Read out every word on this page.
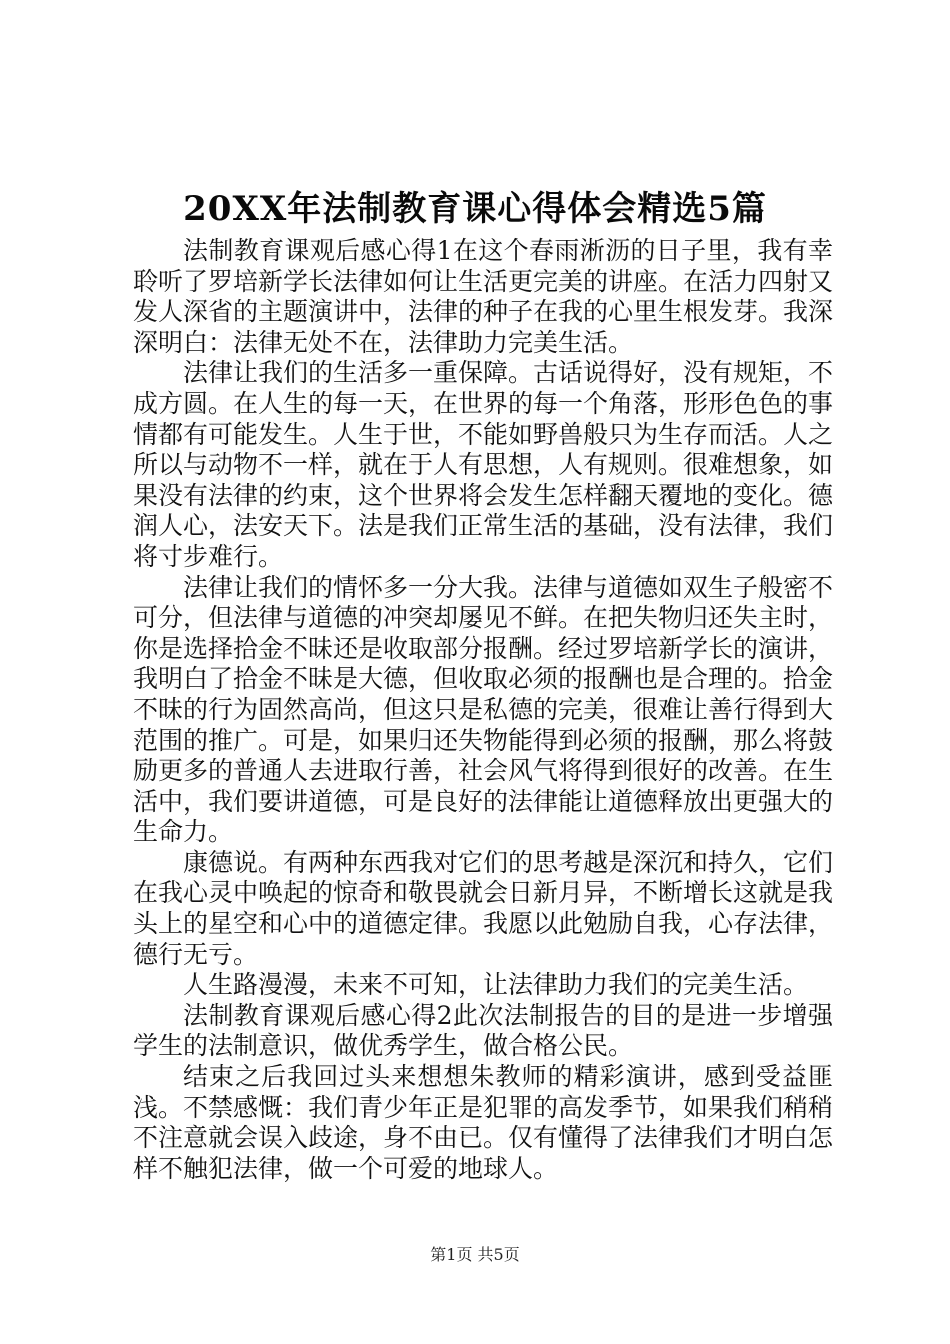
20XX年法制教育课心得体会精选5篇

法制教育课观后感心得1在这个春雨淅沥的日子里，我有幸聆听了罗培新学长法律如何让生活更完美的讲座。在活力四射又发人深省的主题演讲中，法律的种子在我的心里生根发芽。我深深明白：法律无处不在，法律助力完美生活。

法律让我们的生活多一重保障。古话说得好，没有规矩，不成方圆。在人生的每一天，在世界的每一个角落，形形色色的事情都有可能发生。人生于世，不能如野兽般只为生存而活。人之所以与动物不一样，就在于人有思想，人有规则。很难想象，如果没有法律的约束，这个世界将会发生怎样翻天覆地的变化。德润人心，法安天下。法是我们正常生活的基础，没有法律，我们将寸步难行。

法律让我们的情怀多一分大我。法律与道德如双生子般密不可分，但法律与道德的冲突却屡见不鲜。在把失物归还失主时，你是选择拾金不昧还是收取部分报酬。经过罗培新学长的演讲，我明白了拾金不昧是大德，但收取必须的报酬也是合理的。拾金不昧的行为固然高尚，但这只是私德的完美，很难让善行得到大范围的推广。可是，如果归还失物能得到必须的报酬，那么将鼓励更多的普通人去进取行善，社会风气将得到很好的改善。在生活中，我们要讲道德，可是良好的法律能让道德释放出更强大的生命力。

康德说。有两种东西我对它们的思考越是深沉和持久，它们在我心灵中唤起的惊奇和敬畏就会日新月异，不断增长这就是我头上的星空和心中的道德定律。我愿以此勉励自我，心存法律，德行无亏。

人生路漫漫，未来不可知，让法律助力我们的完美生活。

法制教育课观后感心得2此次法制报告的目的是进一步增强学生的法制意识，做优秀学生，做合格公民。

结束之后我回过头来想想朱教师的精彩演讲，感到受益匪浅。不禁感慨：我们青少年正是犯罪的高发季节，如果我们稍稍不注意就会误入歧途，身不由已。仅有懂得了法律我们才明白怎样不触犯法律，做一个可爱的地球人。

第1页 共5页
